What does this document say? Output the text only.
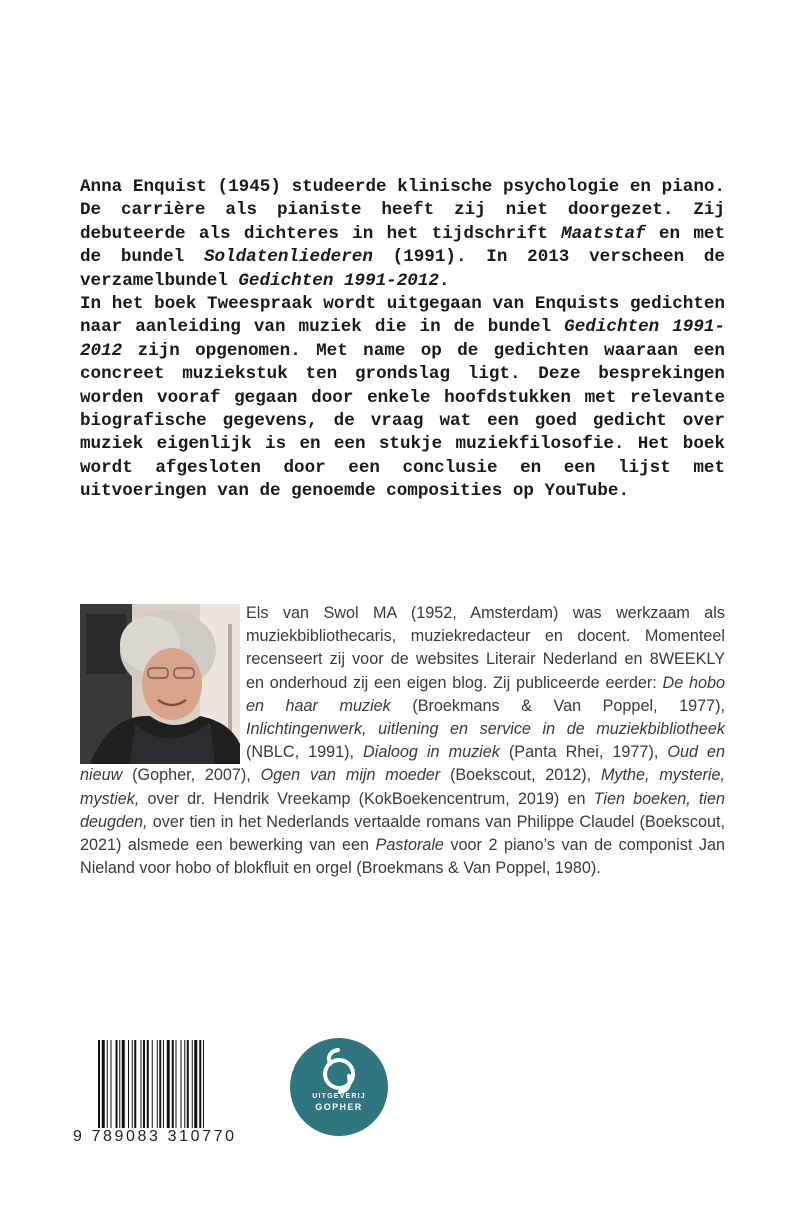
Anna Enquist (1945) studeerde klinische psychologie en piano. De carrière als pianiste heeft zij niet doorgezet. Zij debuteerde als dichteres in het tijdschrift Maatstaf en met de bundel Soldatenliederen (1991). In 2013 verscheen de verzamelbundel Gedichten 1991-2012.

In het boek Tweespraak wordt uitgegaan van Enquists gedichten naar aanleiding van muziek die in de bundel Gedichten 1991-2012 zijn opgenomen. Met name op de gedichten waaraan een concreet muziekstuk ten grondslag ligt. Deze besprekingen worden vooraf gegaan door enkele hoofdstukken met relevante biografische gegevens, de vraag wat een goed gedicht over muziek eigenlijk is en een stukje muziekfilosofie. Het boek wordt afgesloten door een conclusie en een lijst met uitvoeringen van de genoemde composities op YouTube.

Els van Swol MA (1952, Amsterdam) was werkzaam als muziekbibliothecaris, muziekredacteur en docent. Momenteel recenseert zij voor de websites Literair Nederland en 8WEEKLY en onderhoud zij een eigen blog. Zij publiceerde eerder: De hobo en haar muziek (Broekmans & Van Poppel, 1977), Inlichtingenwerk, uitlening en service in de muziekbibliotheek (NBLC, 1991), Dialoog in muziek (Panta Rhei, 1977), Oud en nieuw (Gopher, 2007), Ogen van mijn moeder (Boekscout, 2012), Mythe, mysterie, mystiek, over dr. Hendrik Vreekamp (KokBoekencentrum, 2019) en Tien boeken, tien deugden, over tien in het Nederlands vertaalde romans van Philippe Claudel (Boekscout, 2021) alsmede een bewerking van een Pastorale voor 2 piano’s van de componist Jan Nieland voor hobo of blokfluit en orgel (Broekmans & Van Poppel, 1980).
9 789083 310770
UITGEVERIJ
GOPHER
